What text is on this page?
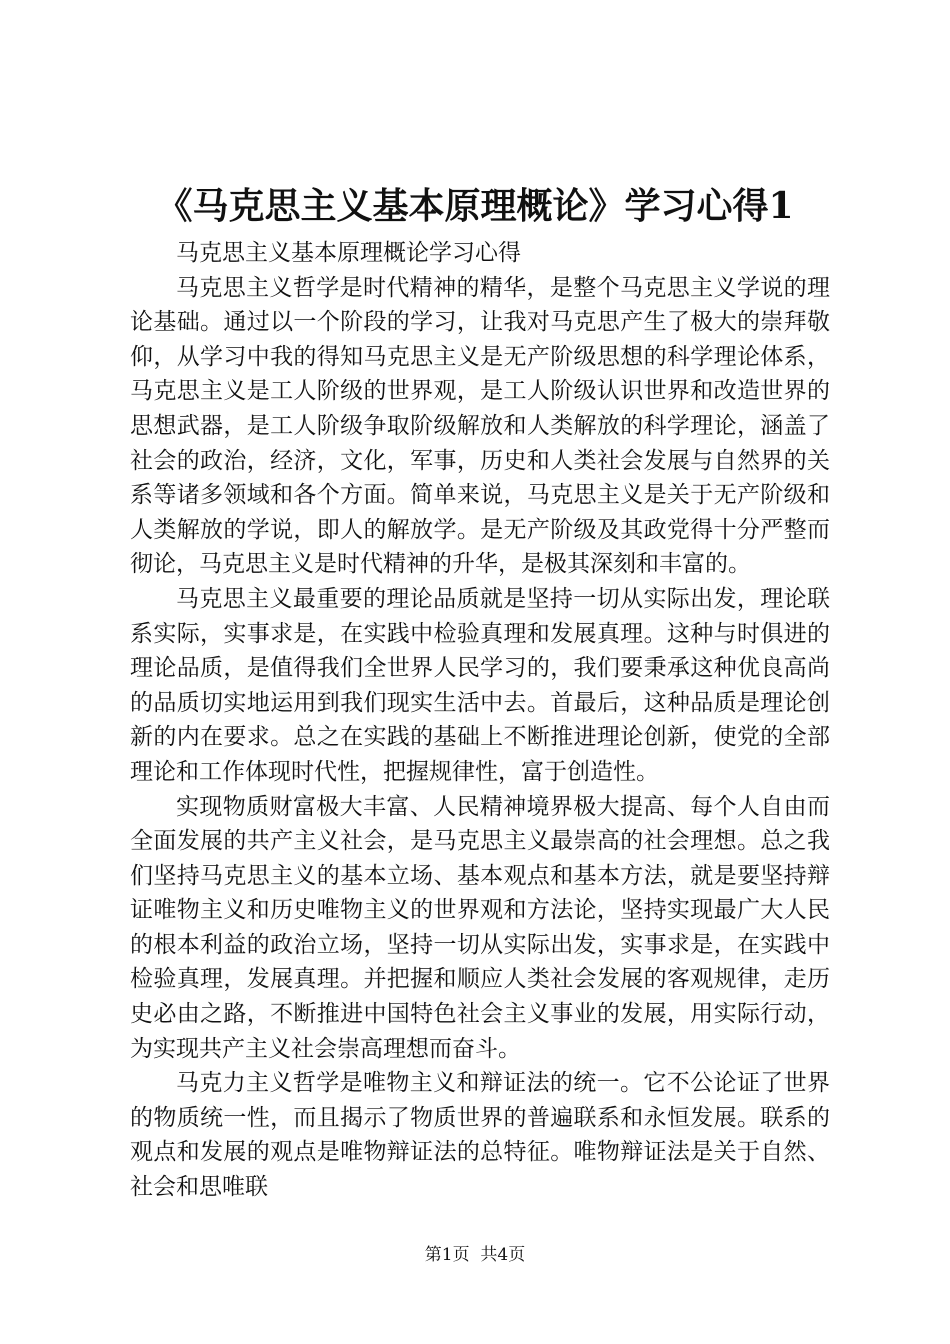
《马克思主义基本原理概论》学习心得1

马克思主义基本原理概论学习心得

马克思主义哲学是时代精神的精华，是整个马克思主义学说的理论基础。通过以一个阶段的学习，让我对马克思产生了极大的崇拜敬仰，从学习中我的得知马克思主义是无产阶级思想的科学理论体系，马克思主义是工人阶级的世界观，是工人阶级认识世界和改造世界的思想武器，是工人阶级争取阶级解放和人类解放的科学理论，涵盖了社会的政治，经济，文化，军事，历史和人类社会发展与自然界的关系等诸多领域和各个方面。简单来说，马克思主义是关于无产阶级和人类解放的学说，即人的解放学。是无产阶级及其政党得十分严整而彻论，马克思主义是时代精神的升华，是极其深刻和丰富的。

马克思主义最重要的理论品质就是坚持一切从实际出发，理论联系实际，实事求是，在实践中检验真理和发展真理。这种与时俱进的理论品质，是值得我们全世界人民学习的，我们要秉承这种优良高尚的品质切实地运用到我们现实生活中去。首最后，这种品质是理论创新的内在要求。总之在实践的基础上不断推进理论创新，使党的全部理论和工作体现时代性，把握规律性，富于创造性。

实现物质财富极大丰富、人民精神境界极大提高、每个人自由而全面发展的共产主义社会，是马克思主义最崇高的社会理想。总之我们坚持马克思主义的基本立场、基本观点和基本方法，就是要坚持辩证唯物主义和历史唯物主义的世界观和方法论，坚持实现最广大人民的根本利益的政治立场，坚持一切从实际出发，实事求是，在实践中检验真理，发展真理。并把握和顺应人类社会发展的客观规律，走历史必由之路，不断推进中国特色社会主义事业的发展，用实际行动，为实现共产主义社会崇高理想而奋斗。

马克力主义哲学是唯物主义和辩证法的统一。它不公论证了世界的物质统一性，而且揭示了物质世界的普遍联系和永恒发展。联系的观点和发展的观点是唯物辩证法的总特征。唯物辩证法是关于自然、社会和思唯联

第1页 共4页
